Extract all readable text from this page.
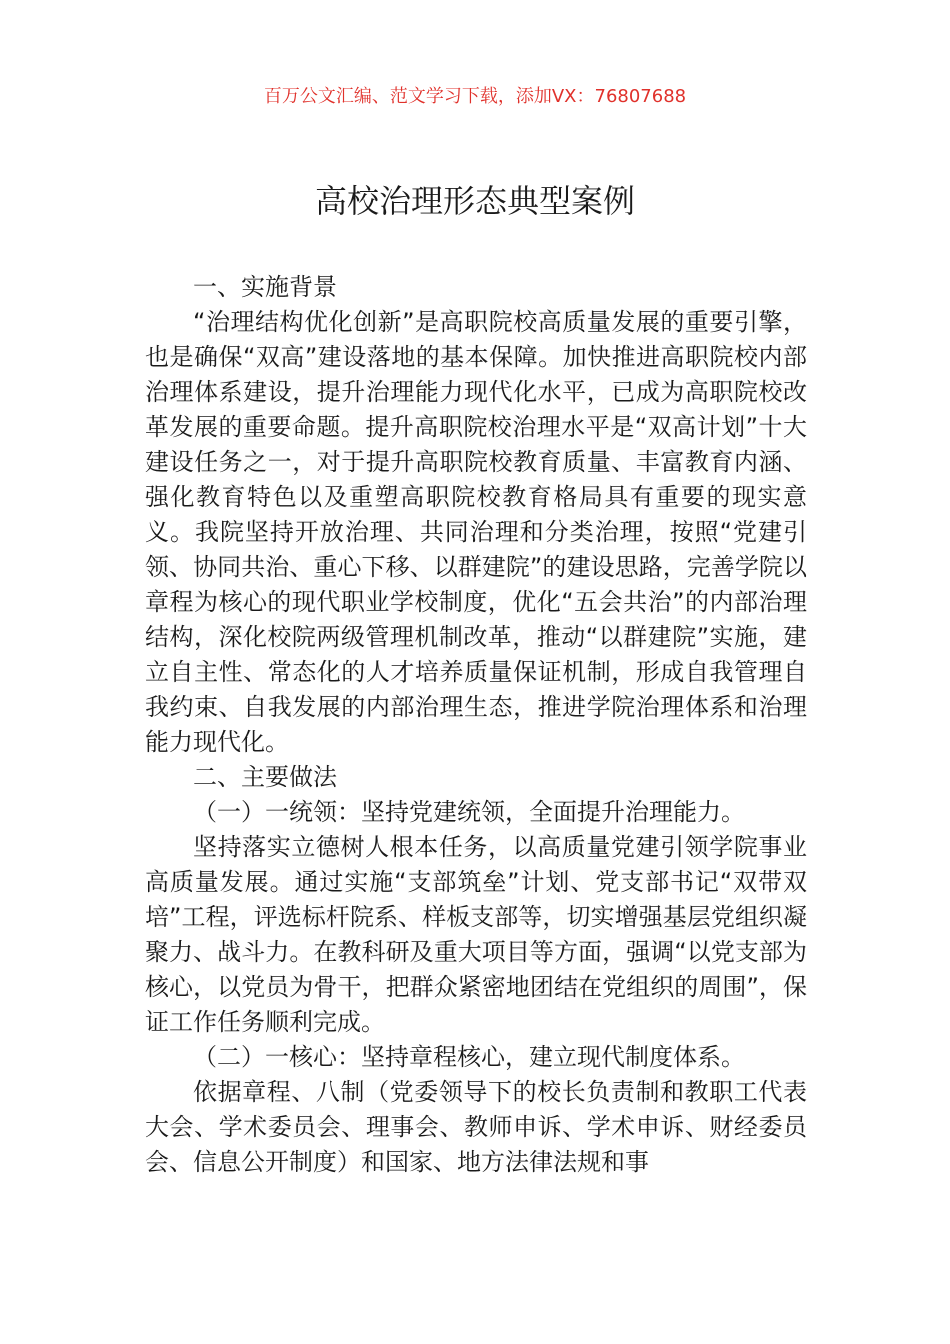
百万公文汇编、范文学习下载，添加VX：76807688
高校治理形态典型案例

一、实施背景

“治理结构优化创新”是高职院校高质量发展的重要引擎，也是确保“双高”建设落地的基本保障。加快推进高职院校内部治理体系建设，提升治理能力现代化水平，已成为高职院校改革发展的重要命题。提升高职院校治理水平是“双高计划”十大建设任务之一，对于提升高职院校教育质量、丰富教育内涵、强化教育特色以及重塑高职院校教育格局具有重要的现实意义。我院坚持开放治理、共同治理和分类治理，按照“党建引领、协同共治、重心下移、以群建院”的建设思路，完善学院以章程为核心的现代职业学校制度，优化“五会共治”的内部治理结构，深化校院两级管理机制改革，推动“以群建院”实施，建立自主性、常态化的人才培养质量保证机制，形成自我管理自我约束、自我发展的内部治理生态，推进学院治理体系和治理能力现代化。

二、主要做法

（一）一统领：坚持党建统领，全面提升治理能力。

坚持落实立德树人根本任务，以高质量党建引领学院事业高质量发展。通过实施“支部筑垒”计划、党支部书记“双带双培”工程，评选标杆院系、样板支部等，切实增强基层党组织凝聚力、战斗力。在教科研及重大项目等方面，强调“以党支部为核心，以党员为骨干，把群众紧密地团结在党组织的周围”，保证工作任务顺利完成。

（二）一核心：坚持章程核心，建立现代制度体系。

依据章程、八制（党委领导下的校长负责制和教职工代表大会、学术委员会、理事会、教师申诉、学术申诉、财经委员会、信息公开制度）和国家、地方法律法规和事
